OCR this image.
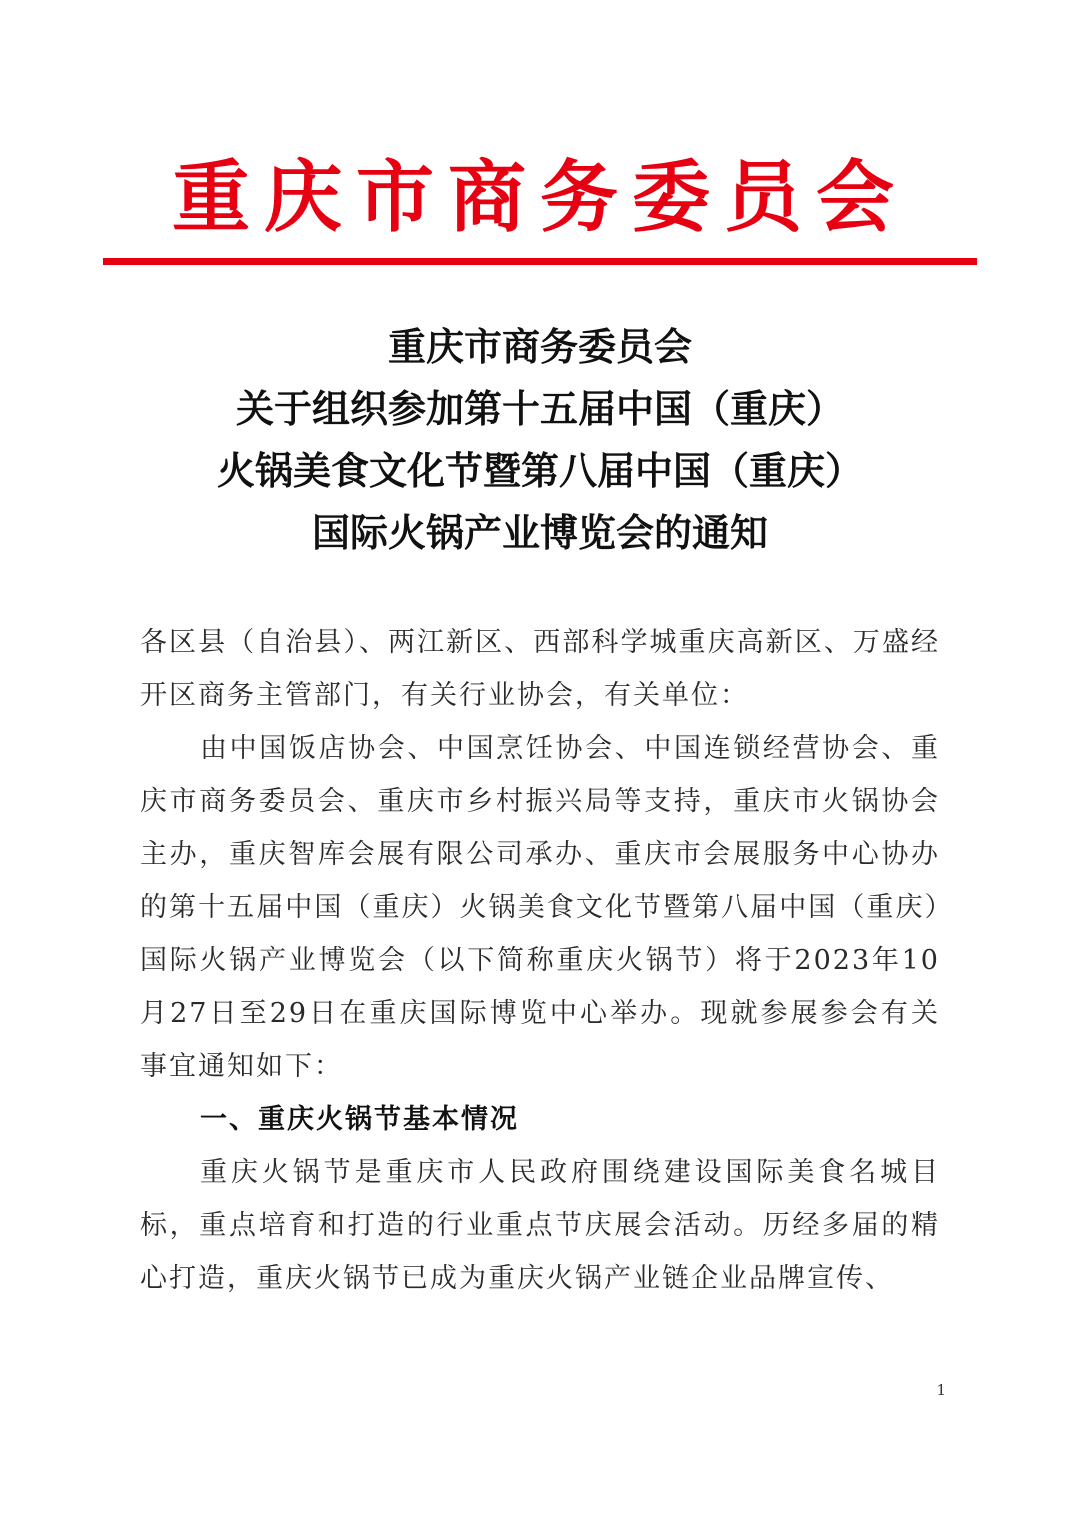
重庆市商务委员会
重庆市商务委员会
关于组织参加第十五届中国（重庆）
火锅美食文化节暨第八届中国（重庆）
国际火锅产业博览会的通知

各区县（自治县）、两江新区、西部科学城重庆高新区、万盛经开区商务主管部门，有关行业协会，有关单位：

由中国饭店协会、中国烹饪协会、中国连锁经营协会、重庆市商务委员会、重庆市乡村振兴局等支持，重庆市火锅协会主办，重庆智库会展有限公司承办、重庆市会展服务中心协办的第十五届中国（重庆）火锅美食文化节暨第八届中国（重庆）国际火锅产业博览会（以下简称重庆火锅节）将于2023年10月27日至29日在重庆国际博览中心举办。现就参展参会有关事宜通知如下：

一、重庆火锅节基本情况

重庆火锅节是重庆市人民政府围绕建设国际美食名城目标，重点培育和打造的行业重点节庆展会活动。历经多届的精心打造，重庆火锅节已成为重庆火锅产业链企业品牌宣传、

1
